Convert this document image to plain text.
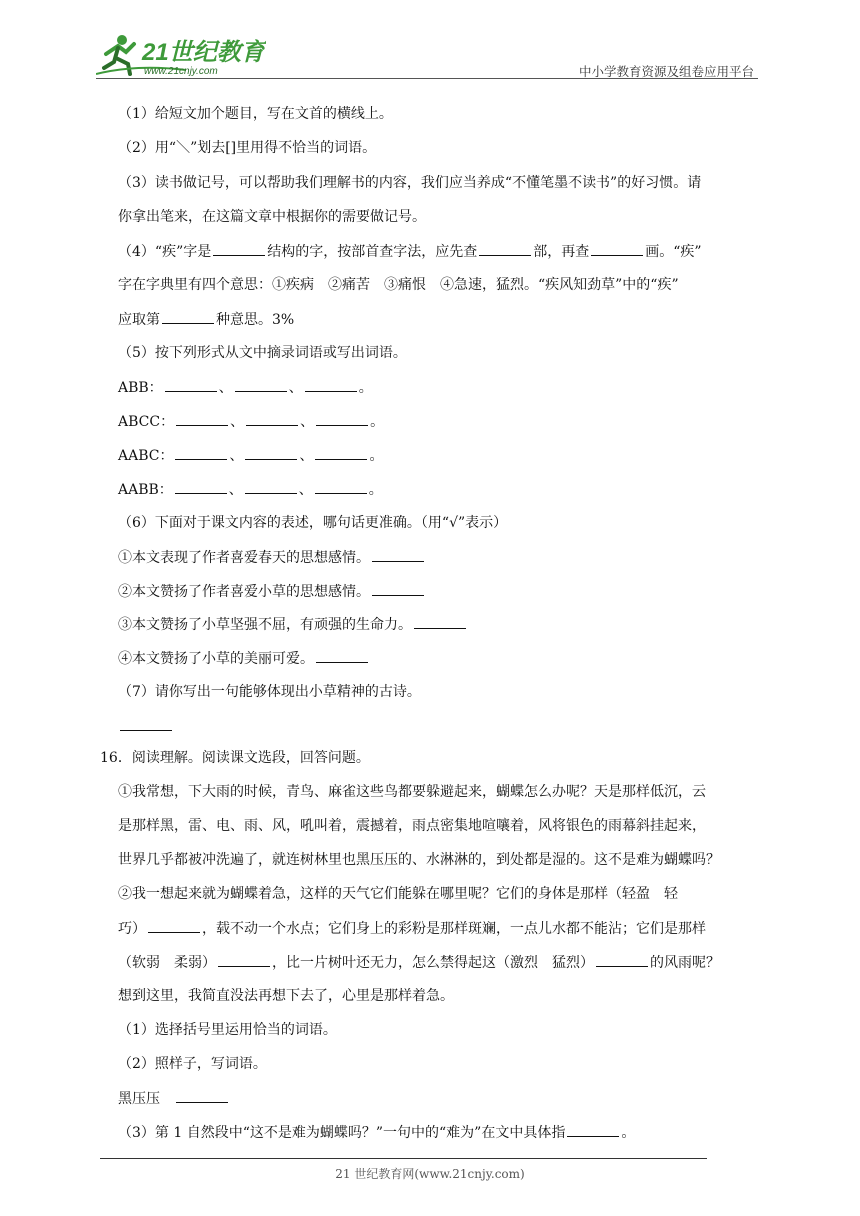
21世纪教育
www.21cnjy.com	中小学教育资源及组卷应用平台
（1）给短文加个题目，写在文首的横线上。
（2）用“＼”划去[]里用得不恰当的词语。
（3）读书做记号，可以帮助我们理解书的内容，我们应当养成“不懂笔墨不读书”的好习惯。请
你拿出笔来，在这篇文章中根据你的需要做记号。
（4）“疾”字是	结构的字，按部首查字法，应先查	部，再查	画。“疾”
字在字典里有四个意思：①疾病　②痛苦　③痛恨　④急速，猛烈。“疾风知劲草”中的“疾”
应取第	种意思。3%
（5）按下列形式从文中摘录词语或写出词语。
ABB：	、	、	。
ABCC：	、	、	。
AABC：	、	、	。
AABB：	、	、	。
（6）下面对于课文内容的表述，哪句话更准确。（用“√”表示）
①本文表现了作者喜爱春天的思想感情。
②本文赞扬了作者喜爱小草的思想感情。
③本文赞扬了小草坚强不屈，有顽强的生命力。
④本文赞扬了小草的美丽可爱。
（7）请你写出一句能够体现出小草精神的古诗。
16．阅读理解。阅读课文选段，回答问题。
①我常想，下大雨的时候，青鸟、麻雀这些鸟都要躲避起来，蝴蝶怎么办呢？天是那样低沉，云
是那样黑，雷、电、雨、风，吼叫着，震撼着，雨点密集地喧嚷着，风将银色的雨幕斜挂起来，
世界几乎都被冲洗遍了，就连树林里也黑压压的、水淋淋的，到处都是湿的。这不是难为蝴蝶吗？
②我一想起来就为蝴蝶着急，这样的天气它们能躲在哪里呢？它们的身体是那样（轻盈　轻
巧）	，载不动一个水点；它们身上的彩粉是那样斑斓，一点儿水都不能沾；它们是那样
（软弱　柔弱）	，比一片树叶还无力，怎么禁得起这（激烈　猛烈）	的风雨呢？
想到这里，我简直没法再想下去了，心里是那样着急。
（1）选择括号里运用恰当的词语。
（2）照样子，写词语。
黑压压　
（3）第 1 自然段中“这不是难为蝴蝶吗？”一句中的“难为”在文中具体指	。
21 世纪教育网(www.21cnjy.com)
